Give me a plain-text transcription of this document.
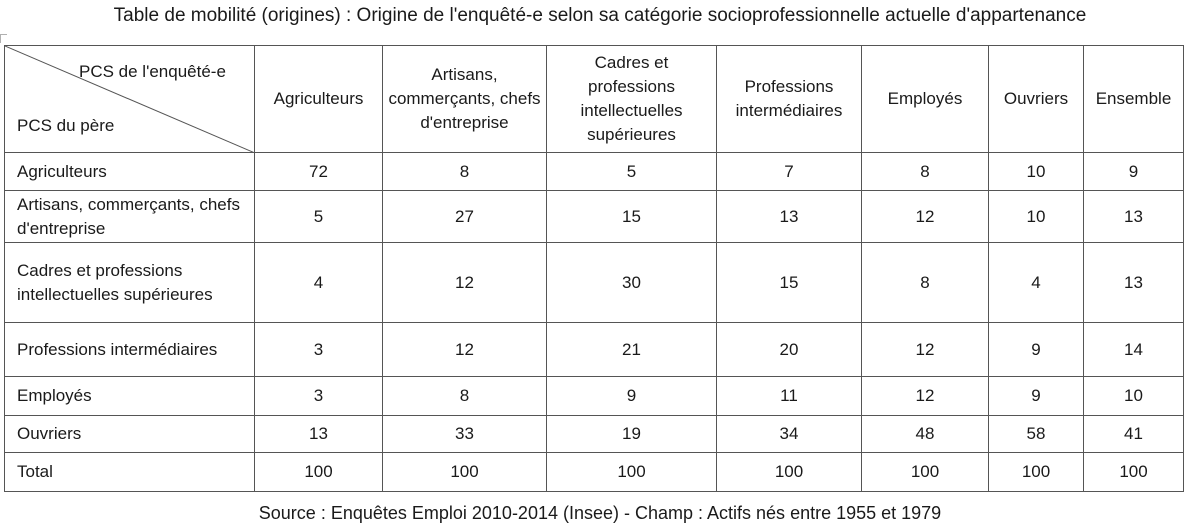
Table de mobilité (origines) : Origine de l'enquêté-e selon sa catégorie socioprofessionnelle actuelle d'appartenance
PCS de l'enquêté-e
PCS du père	Agriculteurs	Artisans, commerçants, chefs d'entreprise	Cadres et professions intellectuelles supérieures	Professions intermédiaires	Employés	Ouvriers	Ensemble
Agriculteurs	72	8	5	7	8	10	9
Artisans, commerçants, chefs d'entreprise	5	27	15	13	12	10	13
Cadres et professions intellectuelles supérieures	4	12	30	15	8	4	13
Professions intermédiaires	3	12	21	20	12	9	14
Employés	3	8	9	11	12	9	10
Ouvriers	13	33	19	34	48	58	41
Total	100	100	100	100	100	100	100
Source : Enquêtes Emploi 2010-2014 (Insee) - Champ : Actifs nés entre 1955 et 1979
